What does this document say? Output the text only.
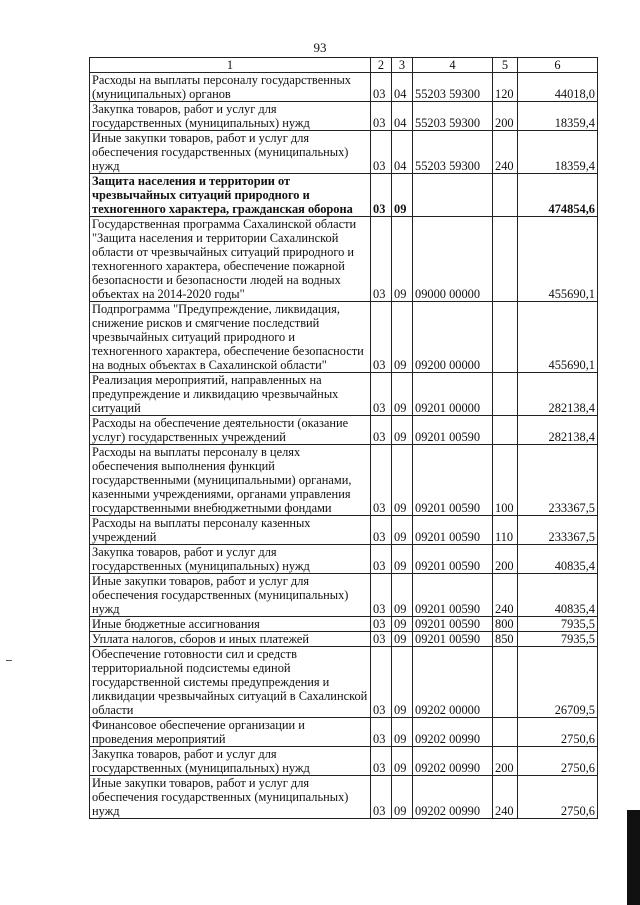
93
1	2	3	4	5	6
Расходы на выплаты персоналу государственных (муниципальных) органов	03	04	55203 59300	120	44018,0
Закупка товаров, работ и услуг для государственных (муниципальных) нужд	03	04	55203 59300	200	18359,4
Иные закупки товаров, работ и услуг для обеспечения государственных (муниципальных) нужд	03	04	55203 59300	240	18359,4
Защита населения и территории от чрезвычайных ситуаций природного и техногенного характера, гражданская оборона	03	09			474854,6
Государственная программа Сахалинской области "Защита населения и территории Сахалинской области от чрезвычайных ситуаций природного и техногенного характера, обеспечение пожарной безопасности и безопасности людей на водных объектах на 2014-2020 годы"	03	09	09000 00000		455690,1
Подпрограмма "Предупреждение, ликвидация, снижение рисков и смягчение последствий чрезвычайных ситуаций природного и техногенного характера, обеспечение безопасности на водных объектах в Сахалинской области"	03	09	09200 00000		455690,1
Реализация мероприятий, направленных на предупреждение и ликвидацию чрезвычайных ситуаций	03	09	09201 00000		282138,4
Расходы на обеспечение деятельности (оказание услуг) государственных учреждений	03	09	09201 00590		282138,4
Расходы на выплаты персоналу в целях обеспечения выполнения функций государственными (муниципальными) органами, казенными учреждениями, органами управления государственными внебюджетными фондами	03	09	09201 00590	100	233367,5
Расходы на выплаты персоналу казенных учреждений	03	09	09201 00590	110	233367,5
Закупка товаров, работ и услуг для государственных (муниципальных) нужд	03	09	09201 00590	200	40835,4
Иные закупки товаров, работ и услуг для обеспечения государственных (муниципальных) нужд	03	09	09201 00590	240	40835,4
Иные бюджетные ассигнования	03	09	09201 00590	800	7935,5
Уплата налогов, сборов и иных платежей	03	09	09201 00590	850	7935,5
Обеспечение готовности сил и средств территориальной подсистемы единой государственной системы предупреждения и ликвидации чрезвычайных ситуаций в Сахалинской области	03	09	09202 00000		26709,5
Финансовое обеспечение организации и проведения мероприятий	03	09	09202 00990		2750,6
Закупка товаров, работ и услуг для государственных (муниципальных) нужд	03	09	09202 00990	200	2750,6
Иные закупки товаров, работ и услуг для обеспечения государственных (муниципальных) нужд	03	09	09202 00990	240	2750,6
